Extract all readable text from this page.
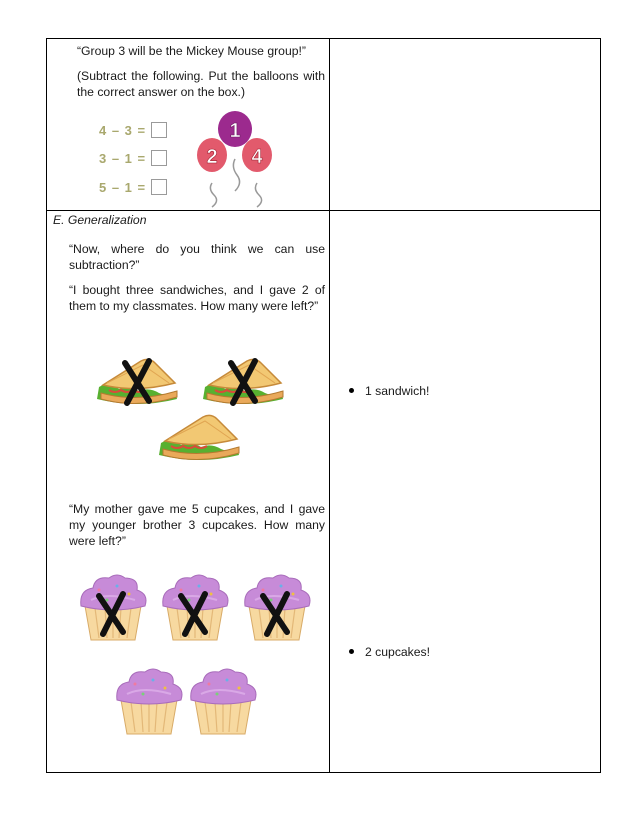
“Group 3 will be the Mickey Mouse group!”
(Subtract the following. Put the balloons with the correct answer on the box.)
4 – 3 =
3 – 1 =
5 – 1 =
1
2 4
E. Generalization
“Now, where do you think we can use subtraction?”
“I bought three sandwiches, and I gave 2 of them to my classmates. How many were left?”
“My mother gave me 5 cupcakes, and I gave my younger brother 3 cupcakes. How many were left?”
1 sandwich!
2 cupcakes!
